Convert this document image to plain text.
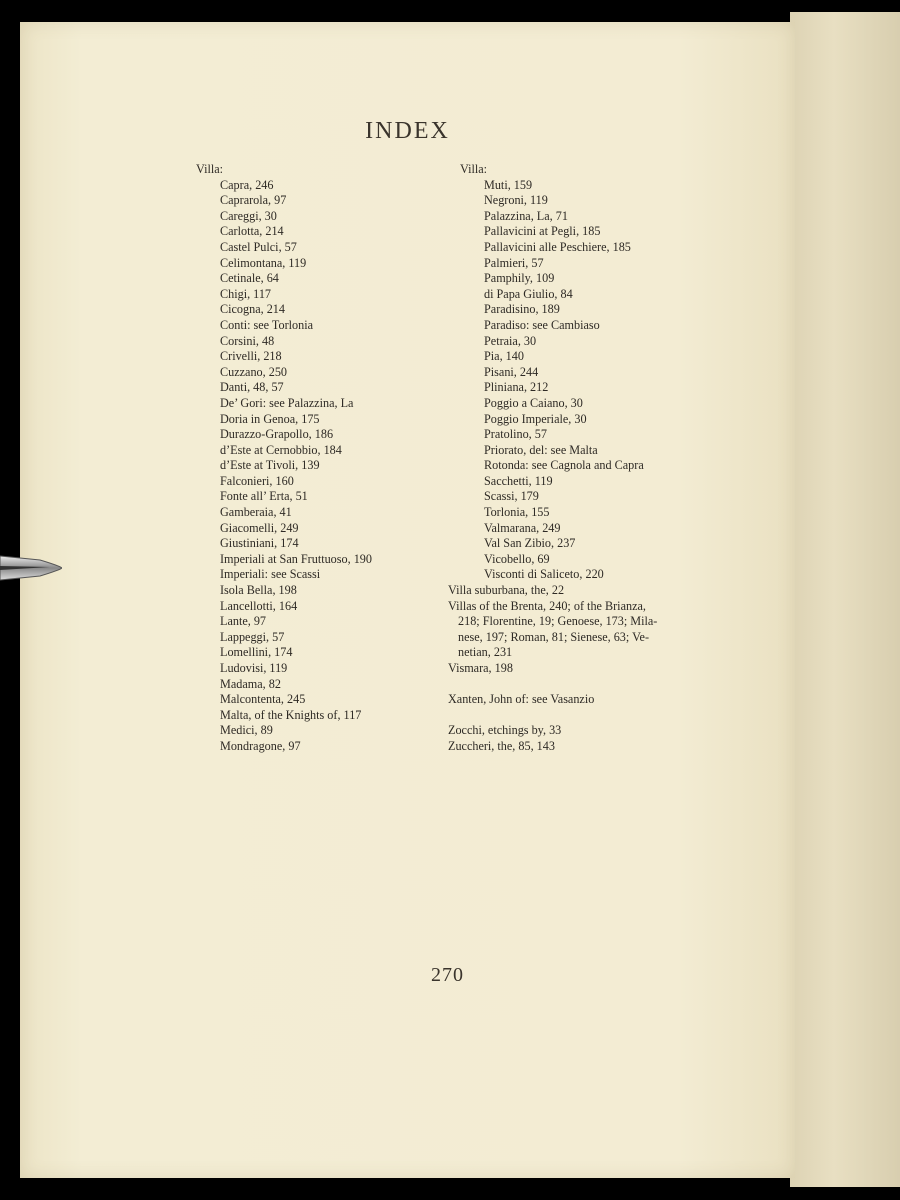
INDEX
Villa:
Capra, 246
Caprarola, 97
Careggi, 30
Carlotta, 214
Castel Pulci, 57
Celimontana, 119
Cetinale, 64
Chigi, 117
Cicogna, 214
Conti: see Torlonia
Corsini, 48
Crivelli, 218
Cuzzano, 250
Danti, 48, 57
De’ Gori: see Palazzina, La
Doria in Genoa, 175
Durazzo-Grapollo, 186
d’Este at Cernobbio, 184
d’Este at Tivoli, 139
Falconieri, 160
Fonte all’ Erta, 51
Gamberaia, 41
Giacomelli, 249
Giustiniani, 174
Imperiali at San Fruttuoso, 190
Imperiali: see Scassi
Isola Bella, 198
Lancellotti, 164
Lante, 97
Lappeggi, 57
Lomellini, 174
Ludovisi, 119
Madama, 82
Malcontenta, 245
Malta, of the Knights of, 117
Medici, 89
Mondragone, 97
Villa:
Muti, 159
Negroni, 119
Palazzina, La, 71
Pallavicini at Pegli, 185
Pallavicini alle Peschiere, 185
Palmieri, 57
Pamphily, 109
di Papa Giulio, 84
Paradisino, 189
Paradiso: see Cambiaso
Petraia, 30
Pia, 140
Pisani, 244
Pliniana, 212
Poggio a Caiano, 30
Poggio Imperiale, 30
Pratolino, 57
Priorato, del: see Malta
Rotonda: see Cagnola and Capra
Sacchetti, 119
Scassi, 179
Torlonia, 155
Valmarana, 249
Val San Zibio, 237
Vicobello, 69
Visconti di Saliceto, 220
Villa suburbana, the, 22
Villas of the Brenta, 240; of the Brianza,
218; Florentine, 19; Genoese, 173; Mila-
nese, 197; Roman, 81; Sienese, 63; Ve-
netian, 231
Vismara, 198
Xanten, John of: see Vasanzio
Zocchi, etchings by, 33
Zuccheri, the, 85, 143
270
